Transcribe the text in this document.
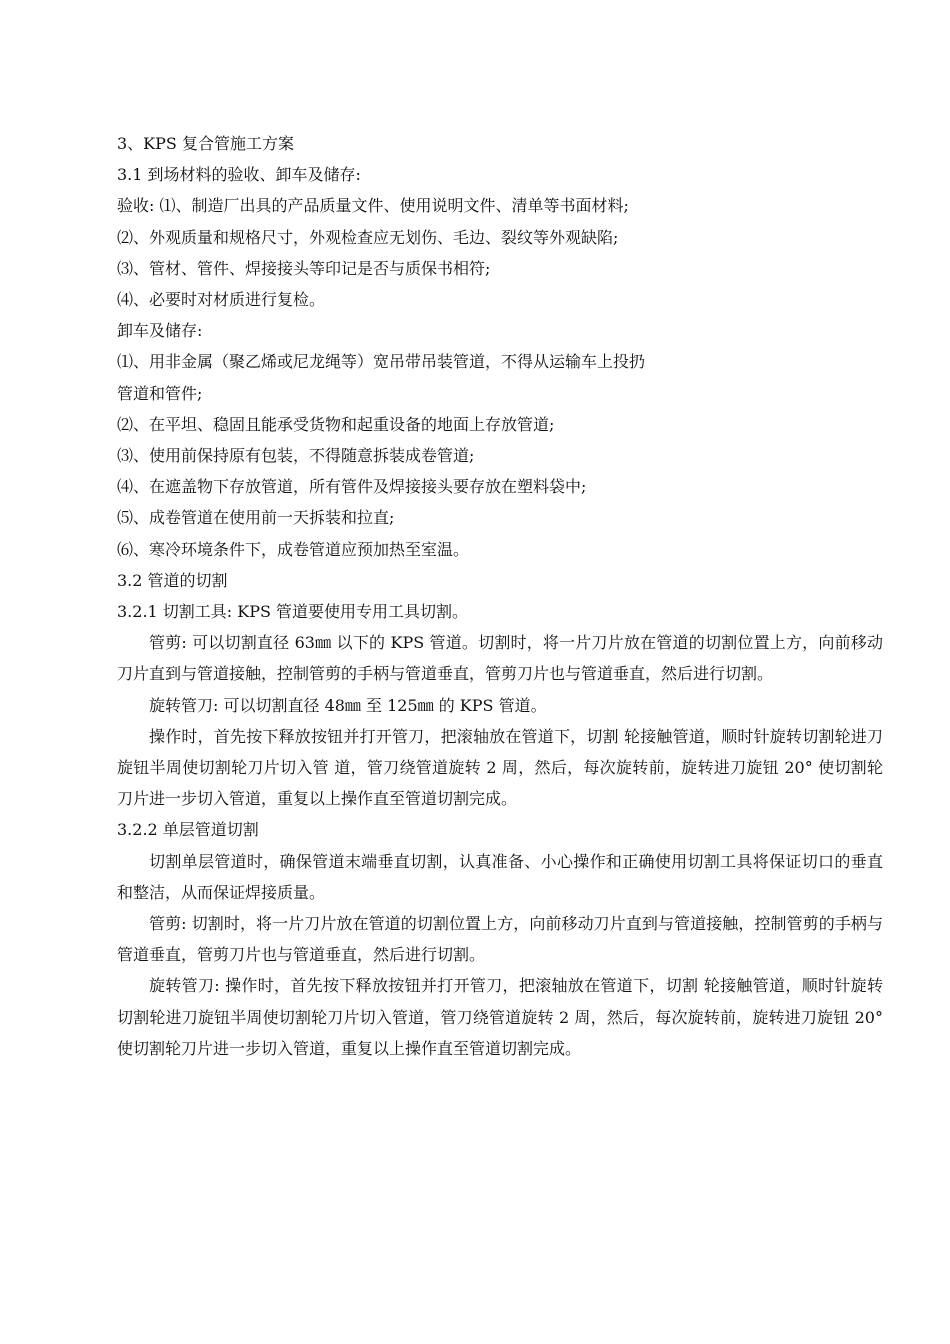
3、KPS 复合管施工方案

3.1 到场材料的验收、卸车及储存:

验收: ⑴、制造厂出具的产品质量文件、使用说明文件、清单等书面材料;

⑵、外观质量和规格尺寸，外观检查应无划伤、毛边、裂纹等外观缺陷;

⑶、管材、管件、焊接接头等印记是否与质保书相符;

⑷、必要时对材质进行复检。

卸车及储存:

⑴、用非金属（聚乙烯或尼龙绳等）宽吊带吊装管道，不得从运输车上投扔

管道和管件;

⑵、在平坦、稳固且能承受货物和起重设备的地面上存放管道;

⑶、使用前保持原有包装，不得随意拆装成卷管道;

⑷、在遮盖物下存放管道，所有管件及焊接接头要存放在塑料袋中;

⑸、成卷管道在使用前一天拆装和拉直;

⑹、寒冷环境条件下，成卷管道应预加热至室温。

3.2 管道的切割

3.2.1 切割工具: KPS 管道要使用专用工具切割。

管剪: 可以切割直径 63㎜ 以下的 KPS 管道。切割时，将一片刀片放在管道的切割位置上方，向前移动刀片直到与管道接触，控制管剪的手柄与管道垂直，管剪刀片也与管道垂直，然后进行切割。

旋转管刀: 可以切割直径 48㎜ 至 125㎜ 的 KPS 管道。

操作时，首先按下释放按钮并打开管刀，把滚轴放在管道下，切割 轮接触管道，顺时针旋转切割轮进刀旋钮半周使切割轮刀片切入管 道，管刀绕管道旋转 2 周，然后，每次旋转前，旋转进刀旋钮 20° 使切割轮刀片进一步切入管道，重复以上操作直至管道切割完成。

3.2.2 单层管道切割

切割单层管道时，确保管道末端垂直切割，认真准备、小心操作和正确使用切割工具将保证切口的垂直和整洁，从而保证焊接质量。

管剪: 切割时，将一片刀片放在管道的切割位置上方，向前移动刀片直到与管道接触，控制管剪的手柄与管道垂直，管剪刀片也与管道垂直，然后进行切割。

旋转管刀: 操作时，首先按下释放按钮并打开管刀，把滚轴放在管道下，切割 轮接触管道，顺时针旋转切割轮进刀旋钮半周使切割轮刀片切入管道，管刀绕管道旋转 2 周，然后，每次旋转前，旋转进刀旋钮 20° 使切割轮刀片进一步切入管道，重复以上操作直至管道切割完成。
